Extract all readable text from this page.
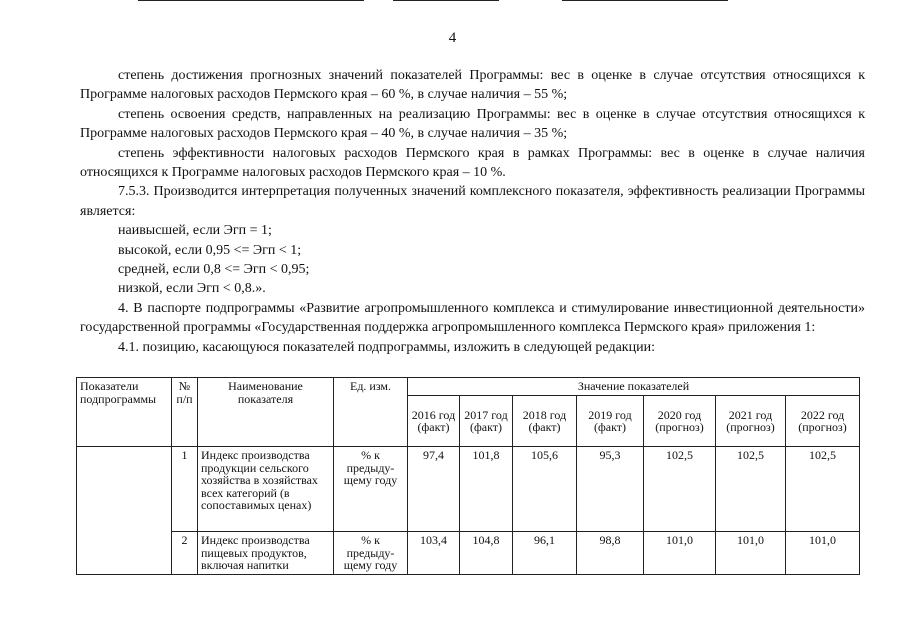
4

степень достижения прогнозных значений показателей Программы: вес в оценке в случае отсутствия относящихся к Программе налоговых расходов Пермского края – 60 %, в случае наличия – 55 %;

степень освоения средств, направленных на реализацию Программы: вес в оценке в случае отсутствия относящихся к Программе налоговых расходов Пермского края – 40 %, в случае наличия – 35 %;

степень эффективности налоговых расходов Пермского края в рамках Программы: вес в оценке в случае наличия относящихся к Программе налоговых расходов Пермского края – 10 %.

7.5.3. Производится интерпретация полученных значений комплексного показателя, эффективность реализации Программы является:

наивысшей, если Эгп = 1;

высокой, если 0,95 <= Эгп < 1;

средней, если 0,8 <= Эгп < 0,95;

низкой, если Эгп < 0,8.».

4. В паспорте подпрограммы «Развитие агропромышленного комплекса и стимулирование инвестиционной деятельности» государственной программы «Государственная поддержка агропромышленного комплекса Пермского края» приложения 1:

4.1. позицию, касающуюся показателей подпрограммы, изложить в следующей редакции:

Показатели подпрограммы	№ п/п	Наименование показателя	Ед. изм.	Значение показателей						
				2016 год (факт)	2017 год (факт)	2018 год (факт)	2019 год (факт)	2020 год (прогноз)	2021 год (прогноз)	2022 год (прогноз)
	1	Индекс производства продукции сельского хозяйства в хозяйствах всех категорий (в сопоставимых ценах)	% к предыду-щему году	97,4	101,8	105,6	95,3	102,5	102,5	102,5
	2	Индекс производства пищевых продуктов, включая напитки	% к предыду-щему году	103,4	104,8	96,1	98,8	101,0	101,0	101,0
